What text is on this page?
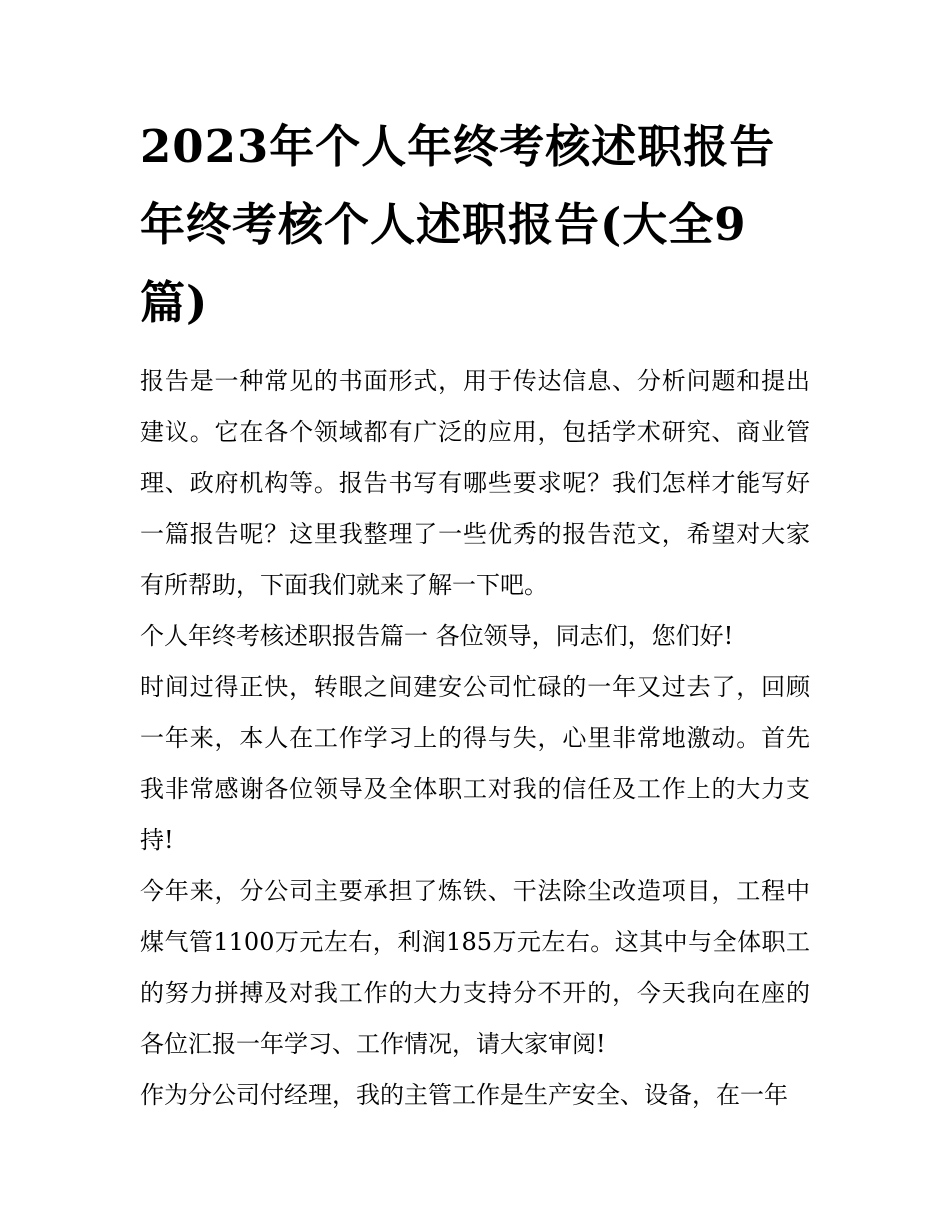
2023年个人年终考核述职报告年终考核个人述职报告(大全9篇)

报告是一种常见的书面形式，用于传达信息、分析问题和提出建议。它在各个领域都有广泛的应用，包括学术研究、商业管理、政府机构等。报告书写有哪些要求呢？我们怎样才能写好一篇报告呢？这里我整理了一些优秀的报告范文，希望对大家有所帮助，下面我们就来了解一下吧。

个人年终考核述职报告篇一 各位领导，同志们，您们好!

时间过得正快，转眼之间建安公司忙碌的一年又过去了，回顾一年来，本人在工作学习上的得与失，心里非常地激动。首先我非常感谢各位领导及全体职工对我的信任及工作上的大力支持!

今年来，分公司主要承担了炼铁、干法除尘改造项目，工程中煤气管1100万元左右，利润185万元左右。这其中与全体职工的努力拼搏及对我工作的大力支持分不开的，今天我向在座的各位汇报一年学习、工作情况，请大家审阅!

作为分公司付经理，我的主管工作是生产安全、设备，在一年
